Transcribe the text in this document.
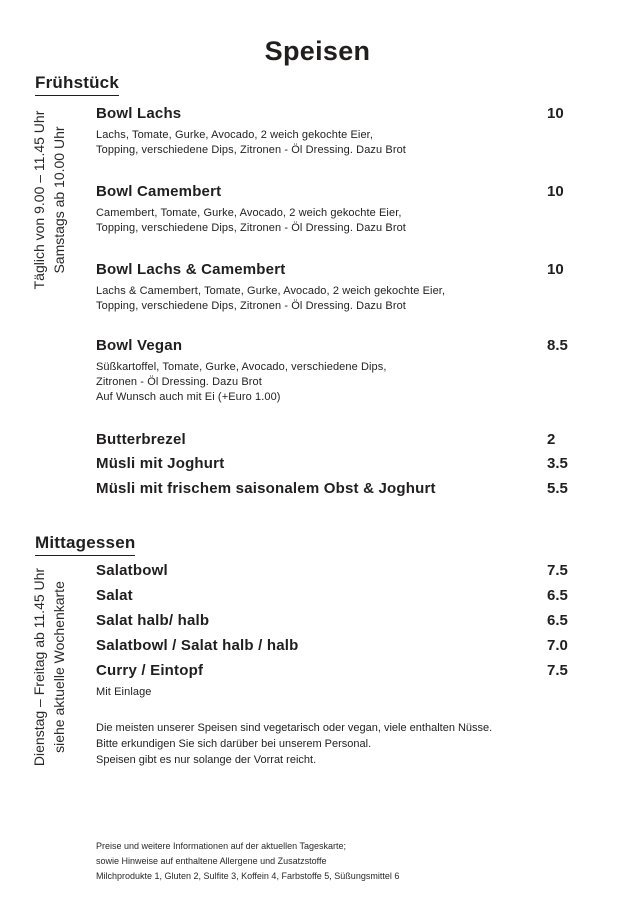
Speisen
Frühstück
Täglich von 9.00 – 11.45 Uhr Samstags ab 10.00 Uhr
Bowl Lachs	10
Lachs, Tomate, Gurke, Avocado, 2 weich gekochte Eier,
Topping, verschiedene Dips, Zitronen - Öl Dressing. Dazu Brot
Bowl Camembert	10
Camembert, Tomate, Gurke, Avocado, 2 weich gekochte Eier,
Topping, verschiedene Dips, Zitronen - Öl Dressing. Dazu Brot
Bowl Lachs & Camembert	10
Lachs & Camembert, Tomate, Gurke, Avocado, 2 weich gekochte Eier,
Topping, verschiedene Dips, Zitronen - Öl Dressing. Dazu Brot
Bowl Vegan	8.5
Süßkartoffel, Tomate, Gurke, Avocado, verschiedene Dips,
Zitronen - Öl Dressing. Dazu Brot
Auf Wunsch auch mit Ei (+Euro 1.00)
Butterbrezel	2
Müsli mit Joghurt	3.5
Müsli mit frischem saisonalem Obst & Joghurt	5.5
Mittagessen
Dienstag – Freitag ab 11.45 Uhr siehe aktuelle Wochenkarte
Salatbowl	7.5
Salat	6.5
Salat halb/ halb	6.5
Salatbowl / Salat halb / halb	7.0
Curry / Eintopf	7.5
Mit Einlage
Die meisten unserer Speisen sind vegetarisch oder vegan, viele enthalten Nüsse.
Bitte erkundigen Sie sich darüber bei unserem Personal.
Speisen gibt es nur solange der Vorrat reicht.
Preise und weitere Informationen auf der aktuellen Tageskarte;
sowie Hinweise auf enthaltene Allergene und Zusatzstoffe
Milchprodukte 1, Gluten 2, Sulfite 3, Koffein 4, Farbstoffe 5, Süßungsmittel 6
